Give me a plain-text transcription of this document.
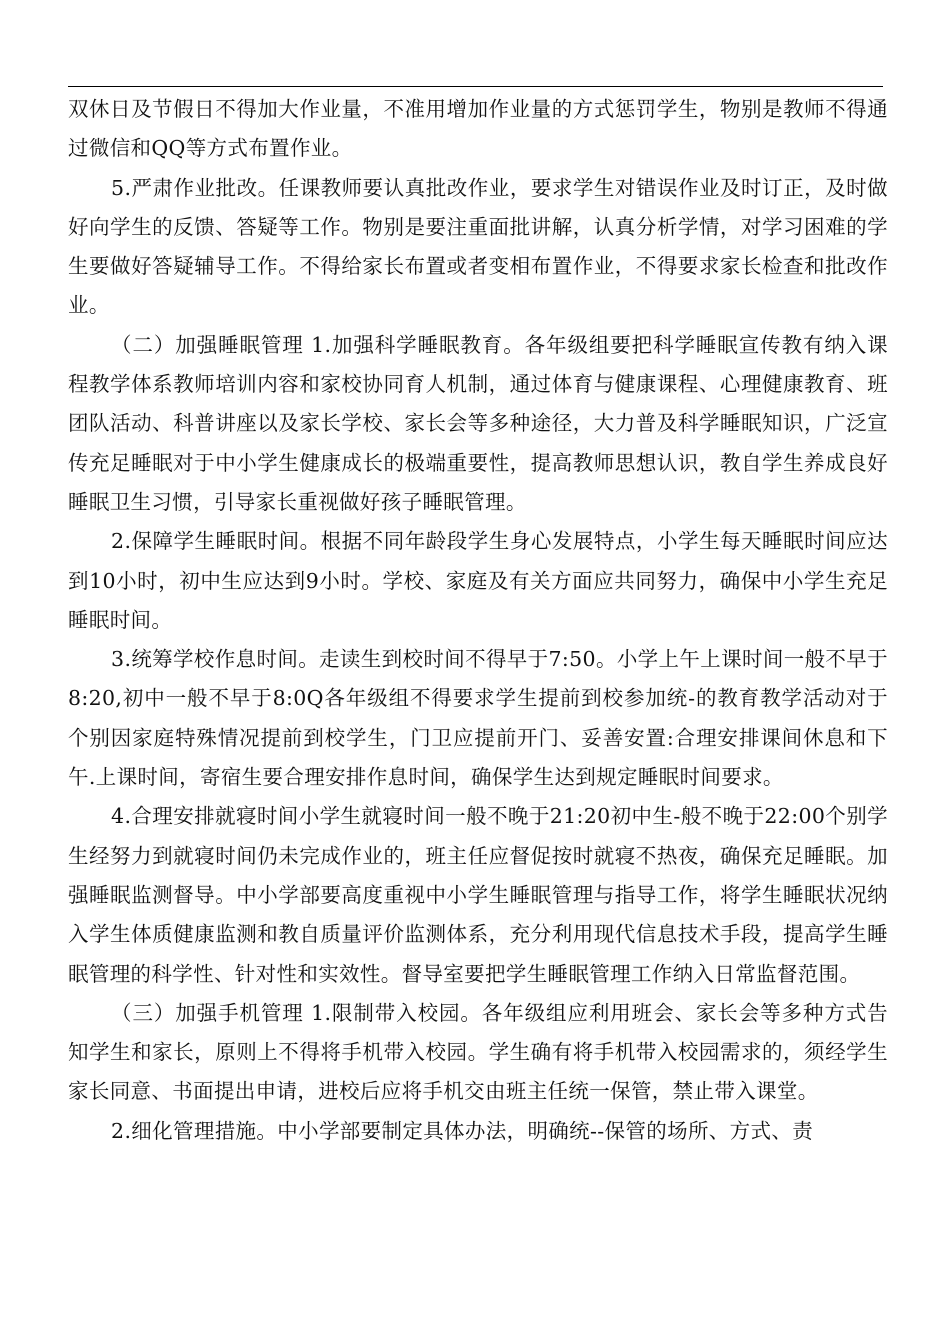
双休日及节假日不得加大作业量，不准用增加作业量的方式惩罚学生，物别是教师不得通过微信和QQ等方式布置作业。

5.严肃作业批改。任课教师要认真批改作业，要求学生对错误作业及时订正，及时做好向学生的反馈、答疑等工作。物别是要注重面批讲解，认真分析学情，对学习困难的学生要做好答疑辅导工作。不得给家长布置或者变相布置作业，不得要求家长检查和批改作业。

（二）加强睡眠管理 1.加强科学睡眠教育。各年级组要把科学睡眠宣传教有纳入课程教学体系教师培训内容和家校协同育人机制，通过体育与健康课程、心理健康教育、班团队活动、科普讲座以及家长学校、家长会等多种途径，大力普及科学睡眠知识，广泛宣传充足睡眠对于中小学生健康成长的极端重要性，提高教师思想认识，教自学生养成良好睡眠卫生习惯，引导家长重视做好孩子睡眠管理。

2.保障学生睡眠时间。根据不同年龄段学生身心发展特点，小学生每天睡眠时间应达到10小时，初中生应达到9小时。学校、家庭及有关方面应共同努力，确保中小学生充足睡眠时间。

3.统筹学校作息时间。走读生到校时间不得早于7:50。小学上午上课时间一般不早于8:20,初中一般不早于8:0Q各年级组不得要求学生提前到校参加统-的教育教学活动对于个别因家庭特殊情况提前到校学生，门卫应提前开门、妥善安置:合理安排课间休息和下午.上课时间，寄宿生要合理安排作息时间，确保学生达到规定睡眠时间要求。

4.合理安排就寝时间小学生就寝时间一般不晚于21:20初中生-般不晚于22:00个别学生经努力到就寝时间仍未完成作业的，班主任应督促按时就寝不热夜，确保充足睡眠。加强睡眠监测督导。中小学部要高度重视中小学生睡眠管理与指导工作，将学生睡眠状况纳入学生体质健康监测和教自质量评价监测体系，充分利用现代信息技术手段，提高学生睡眠管理的科学性、针对性和实效性。督导室要把学生睡眠管理工作纳入日常监督范围。

（三）加强手机管理 1.限制带入校园。各年级组应利用班会、家长会等多种方式告知学生和家长，原则上不得将手机带入校园。学生确有将手机带入校园需求的，须经学生家长同意、书面提出申请，进校后应将手机交由班主任统一保管，禁止带入课堂。

2.细化管理措施。中小学部要制定具体办法，明确统--保管的场所、方式、责
